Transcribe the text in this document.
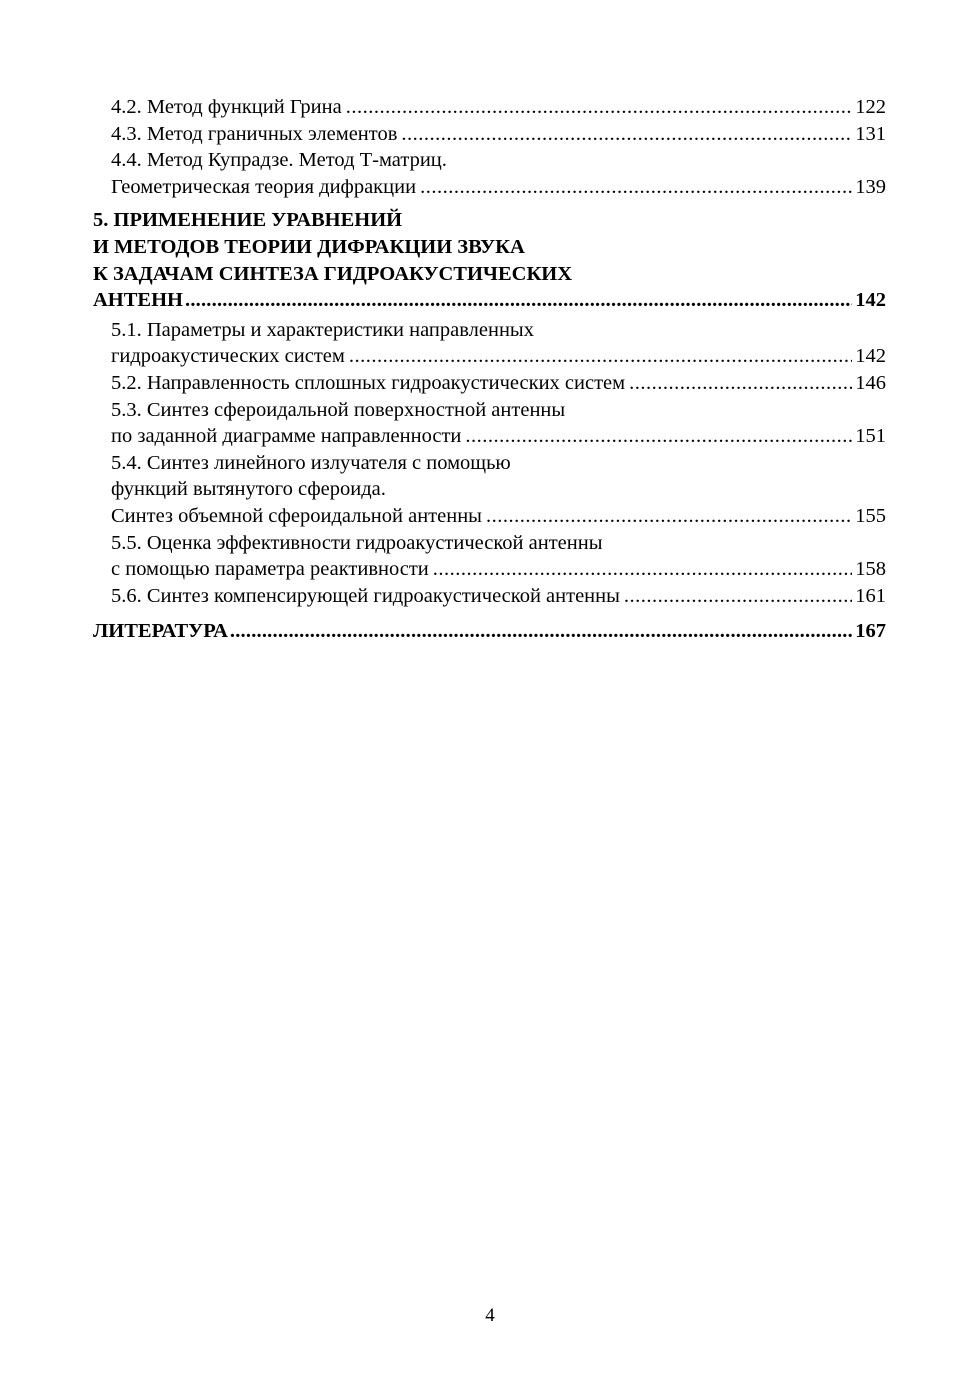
4.2. Метод функций Грина .....	122
4.3. Метод граничных элементов .....	131
4.4. Метод Купрадзе. Метод Т-матриц.
Геометрическая теория дифракции .....	139
5. ПРИМЕНЕНИЕ УРАВНЕНИЙ
И МЕТОДОВ ТЕОРИИ ДИФРАКЦИИ ЗВУКА
К ЗАДАЧАМ СИНТЕЗА ГИДРОАКУСТИЧЕСКИХ
АНТЕНН .....	142
5.1. Параметры и характеристики направленных
гидроакустических систем .....	142
5.2. Направленность сплошных гидроакустических систем .....	146
5.3. Синтез сфероидальной поверхностной антенны
по заданной диаграмме направленности .....	151
5.4. Синтез линейного излучателя с помощью
функций вытянутого сфероида.
Синтез объемной сфероидальной антенны .....	155
5.5. Оценка эффективности гидроакустической антенны
с помощью параметра реактивности .....	158
5.6. Синтез компенсирующей гидроакустической антенны .....	161
ЛИТЕРАТУРА .....	167
4
